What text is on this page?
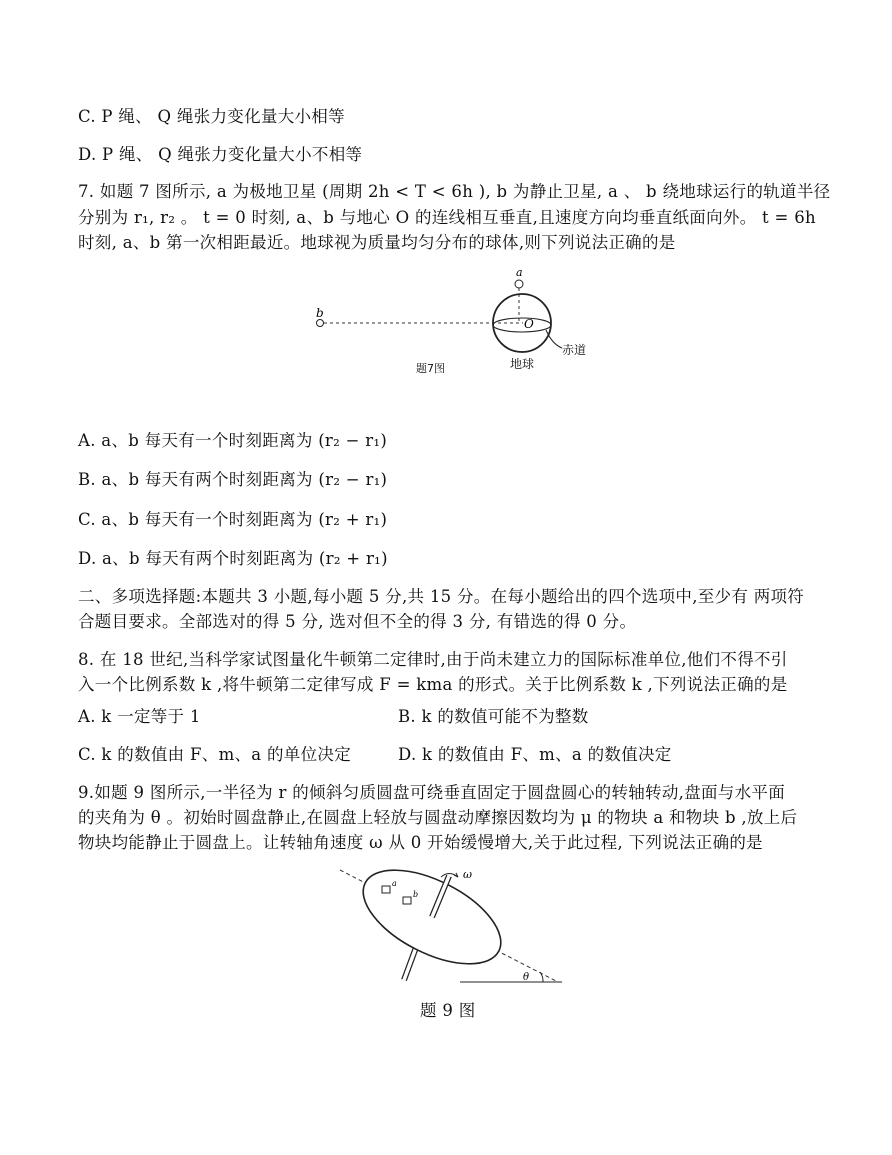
C. P 绳、 Q 绳张力变化量大小相等
D. P 绳、 Q 绳张力变化量大小不相等
7. 如题 7 图所示, a 为极地卫星 (周期 2h < T < 6h ), b 为静止卫星, a 、 b 绕地球运行的轨道半径
分别为 r₁, r₂ 。 t = 0 时刻, a、b 与地心 O 的连线相互垂直,且速度方向均垂直纸面向外。 t = 6h
时刻, a、b 第一次相距最近。地球视为质量均匀分布的球体,则下列说法正确的是
b
a
O
赤道
地球
题7图
A. a、b 每天有一个时刻距离为 (r₂ − r₁)
B. a、b 每天有两个时刻距离为 (r₂ − r₁)
C. a、b 每天有一个时刻距离为 (r₂ + r₁)
D. a、b 每天有两个时刻距离为 (r₂ + r₁)
二、多项选择题:本题共 3 小题,每小题 5 分,共 15 分。在每小题给出的四个选项中,至少有 两项符
合题目要求。全部选对的得 5 分, 选对但不全的得 3 分, 有错选的得 0 分。
8. 在 18 世纪,当科学家试图量化牛顿第二定律时,由于尚未建立力的国际标准单位,他们不得不引
入一个比例系数 k ,将牛顿第二定律写成 F = kma 的形式。关于比例系数 k ,下列说法正确的是
A. k 一定等于 1	B. k 的数值可能不为整数
C. k 的数值由 F、m、a 的单位决定	D. k 的数值由 F、m、a 的数值决定
9.如题 9 图所示,一半径为 r 的倾斜匀质圆盘可绕垂直固定于圆盘圆心的转轴转动,盘面与水平面
的夹角为 θ 。初始时圆盘静止,在圆盘上轻放与圆盘动摩擦因数均为 μ 的物块 a 和物块 b ,放上后
物块均能静止于圆盘上。让转轴角速度 ω 从 0 开始缓慢增大,关于此过程, 下列说法正确的是
θ
ω
a
b
题 9 图
